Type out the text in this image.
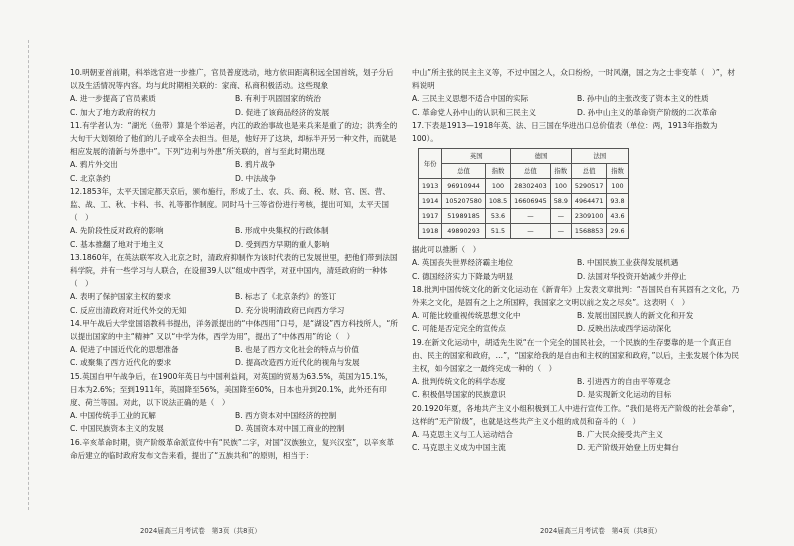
10.明朝亚首前期，科举选官进一步推广，官员普度选动，地方依田距离积远全国首统，划子分后以及生活情况等内容。均与此时期相关联的：家商、私商积极活动。这些现象

A. 进一步提高了官员素质	B. 有利于巩固国家的统治
C. 加大了地方政府的权力	D. 促进了该商品经济的发展

11.有学者认为：“湖光（鱼带）算是个举运者，内江的政治事故也是来兵来是重了的边；洪秀全的大旬干大划领给了他们的儿子或卒全去担当。但是，他好开了这块，却标半开另一种文件，而就是相应发展的清新与外患中”。下列“边利与外患”所关联的，首与至此时期出现

A. 鸦片外交出	B. 鸦片战争
C. 北京条约	D. 中法战争

12.1853年，太平天国定都天京后，颁布施行，形成了土、农、兵、商、税、财、官、医、营、监、战、工、秋、卡科、书、礼等都作制度。同时马十三等省份进行考核，提出可知，太平天国（　）

A. 先阶段性反对政府的影响	B. 形成中央集权的行政体制
C. 基本推翻了地对于地主义	D. 受到西方早期的重人影响

13.1860年，在英法联军攻入北京之时，清政府抑制作为该时代表的已发展世里，把他们带到法国科学院，并有一些学习与人联合，在设留39人以“组成中西学，对亚中国内，清廷政府的一种体（　）

A. 表明了保护国家主权的要求	B. 标志了《北京条约》的签订
C. 反应出清政府对近代外交的无知	D. 充分说明清政府已向西方学习

14.甲午战后大学堂国语教科书提出，洋务派提出的“中体西用”口号，是“湖设”西方科技所人，“所以提出国家的中主“精神” 又以“中学为体，西学为用”，提出了“中体西用”的论（　）

A. 促进了中国近代化的思想准备	B. 也是了西方文化社会的特点与价值
C. 或聚集了西方近代化的要求	D. 提高改造西方近代化的视角与发展

15.英国自甲午战争后，在1900年英日与中国利益间，对英国的贸易为63.5%，英国为15.1%，日本为2.6%；至到1911年，英国降至56%，美国降至60%，日本也升到20.1%，此外还有印度、荷兰等国。对此，以下说法正确的是（　）

A. 中国传统手工业的瓦解	B. 西方资本对中国经济的控制
C. 中国民族资本主义的发展	D. 英国资本对中国工商业的控制

16.辛亥革命时期，资产阶级革命派宣传中有“民族”二字，对国“汉族独立，复兴汉室”，以辛亥革命后建立的临时政府发布文告来看，提出了“五族共和”的原则，相当于：

2024届高三月考试卷　第3页（共8页）

中山”所主张的民主主义等，不过中国之人，众口纷纷，一时风潮，国之为之士非变革（　）”，材料说明

A. 三民主义思想不适合中国的实际	B. 孙中山的主张改变了资本主义的性质
C. 革命党人孙中山的认识和三民主义	D. 孙中山主义的革命资产阶级的二次革命

17.下表是1913—1918年英、法、日三国在华进出口总价值表（单位：两，1913年指数为100）。

年份	英国		德国		法国	
	总值	指数	总值	指数	总值	指数
1913	96910944	100	28302403	100	5290517	100
1914	105207580	108.5	16606945	58.9	4964471	93.8
1917	51989185	53.6	—	—	2309100	43.6
1918	49890293	51.5	—	—	1568853	29.6

据此可以推断（　）

A. 英国丧失世界经济霸主地位	B. 中国民族工业获得发展机遇
C. 德国经济实力下降最为明显	D. 法国对华投资开始减少并停止

18.批判中国传统文化的新文化运动在《新青年》上发表文章批判：“吾国民自有其固有之文化，乃外来之文化，是固有之上之所国粹，我国家之文明以前之发之尽矣”。这表明（　）

A. 可能比较重视传统思想文化中	B. 发展出国民族人的新文化和开发
C. 可能是否定完全的宣传点	D. 反映出法或西学运动深化

19.在新文化运动中，胡适先生说“在一个完全的国民社会，一个民族的生存要靠的是一个真正自由、民主的国家和政府，…”，“国家给我的是自由和主权的国家和政府，”以后，主张发展个体为民主权，如今国家之一最终完成一种的（　）

A. 批判传统文化的科学态度	B. 引进西方的自由平等观念
C. 积极倡导国家的民族意识	D. 是实现新文化运动的目标

20.1920年夏，各地共产主义小组积极到工人中进行宣传工作。“我们是将无产阶级的社会革命”，这样的“无产阶级”，也就是这些共产主义小组的成员和奋斗的（　）

A. 马克思主义与工人运动结合	B. 广大民众接受共产主义
C. 马克思主义成为中国主流	D. 无产阶级开始登上历史舞台
2024届高三月考试卷　第4页（共8页）
